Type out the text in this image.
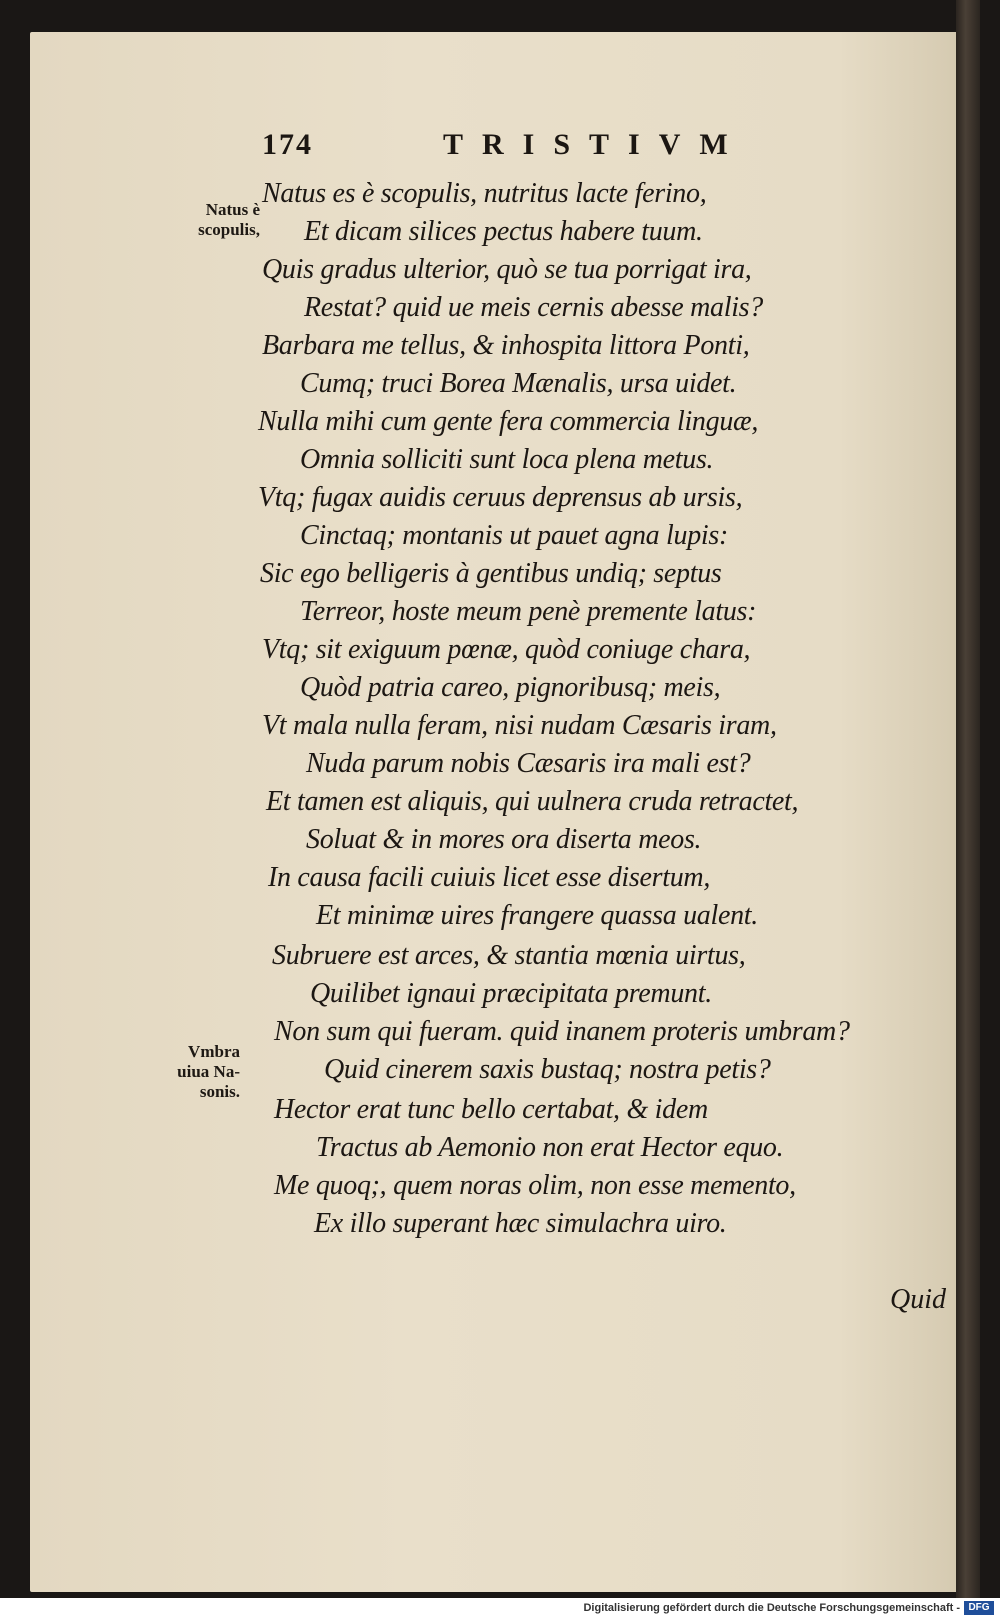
174	TRISTIVM
Natus è
scopulis,
Vmbra
uiua Na-
sonis.
Natus es è scopulis, nutritus lacte ferino,
Et dicam silices pectus habere tuum.
Quis gradus ulterior, quò se tua porrigat ira,
Restat? quid ue meis cernis abesse malis?
Barbara me tellus, & inhospita littora Ponti,
Cumq; truci Borea Mænalis, ursa uidet.
Nulla mihi cum gente fera commercia linguæ,
Omnia solliciti sunt loca plena metus.
Vtq; fugax auidis ceruus deprensus ab ursis,
Cinctaq; montanis ut pauet agna lupis:
Sic ego belligeris à gentibus undiq; septus
Terreor, hoste meum penè premente latus:
Vtq; sit exiguum pœnæ, quòd coniuge chara,
Quòd patria careo, pignoribusq; meis,
Vt mala nulla feram, nisi nudam Cæsaris iram,
Nuda parum nobis Cæsaris ira mali est?
Et tamen est aliquis, qui uulnera cruda retractet,
Soluat & in mores ora diserta meos.
In causa facili cuiuis licet esse disertum,
Et minimæ uires frangere quassa ualent.
Subruere est arces, & stantia mœnia uirtus,
Quilibet ignaui præcipitata premunt.
Non sum qui fueram. quid inanem proteris umbram?
Quid cinerem saxis bustaq; nostra petis?
Hector erat tunc bello certabat, & idem
Tractus ab Aemonio non erat Hector equo.
Me quoq;, quem noras olim, non esse memento,
Ex illo superant hæc simulachra uiro.
Quid
Digitalisierung gefördert durch die Deutsche Forschungsgemeinschaft - DFG
